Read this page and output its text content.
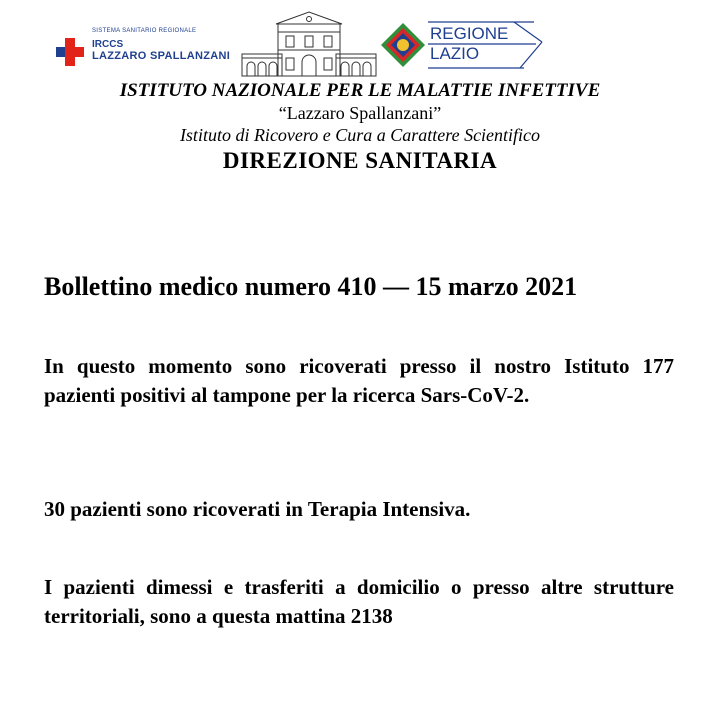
SISTEMA SANITARIO REGIONALE
IRCCS
LAZZARO SPALLANZANI
REGIONE
LAZIO
ISTITUTO NAZIONALE PER LE MALATTIE INFETTIVE
“Lazzaro Spallanzani”
Istituto di Ricovero e Cura a Carattere Scientifico
DIREZIONE SANITARIA
Bollettino medico numero 410 — 15 marzo 2021
In questo momento sono ricoverati presso il nostro Istituto 177 pazienti positivi al tampone per la ricerca Sars-CoV-2.
30 pazienti sono ricoverati in Terapia Intensiva.
I pazienti dimessi e trasferiti a domicilio o presso altre strutture territoriali, sono a questa mattina 2138
